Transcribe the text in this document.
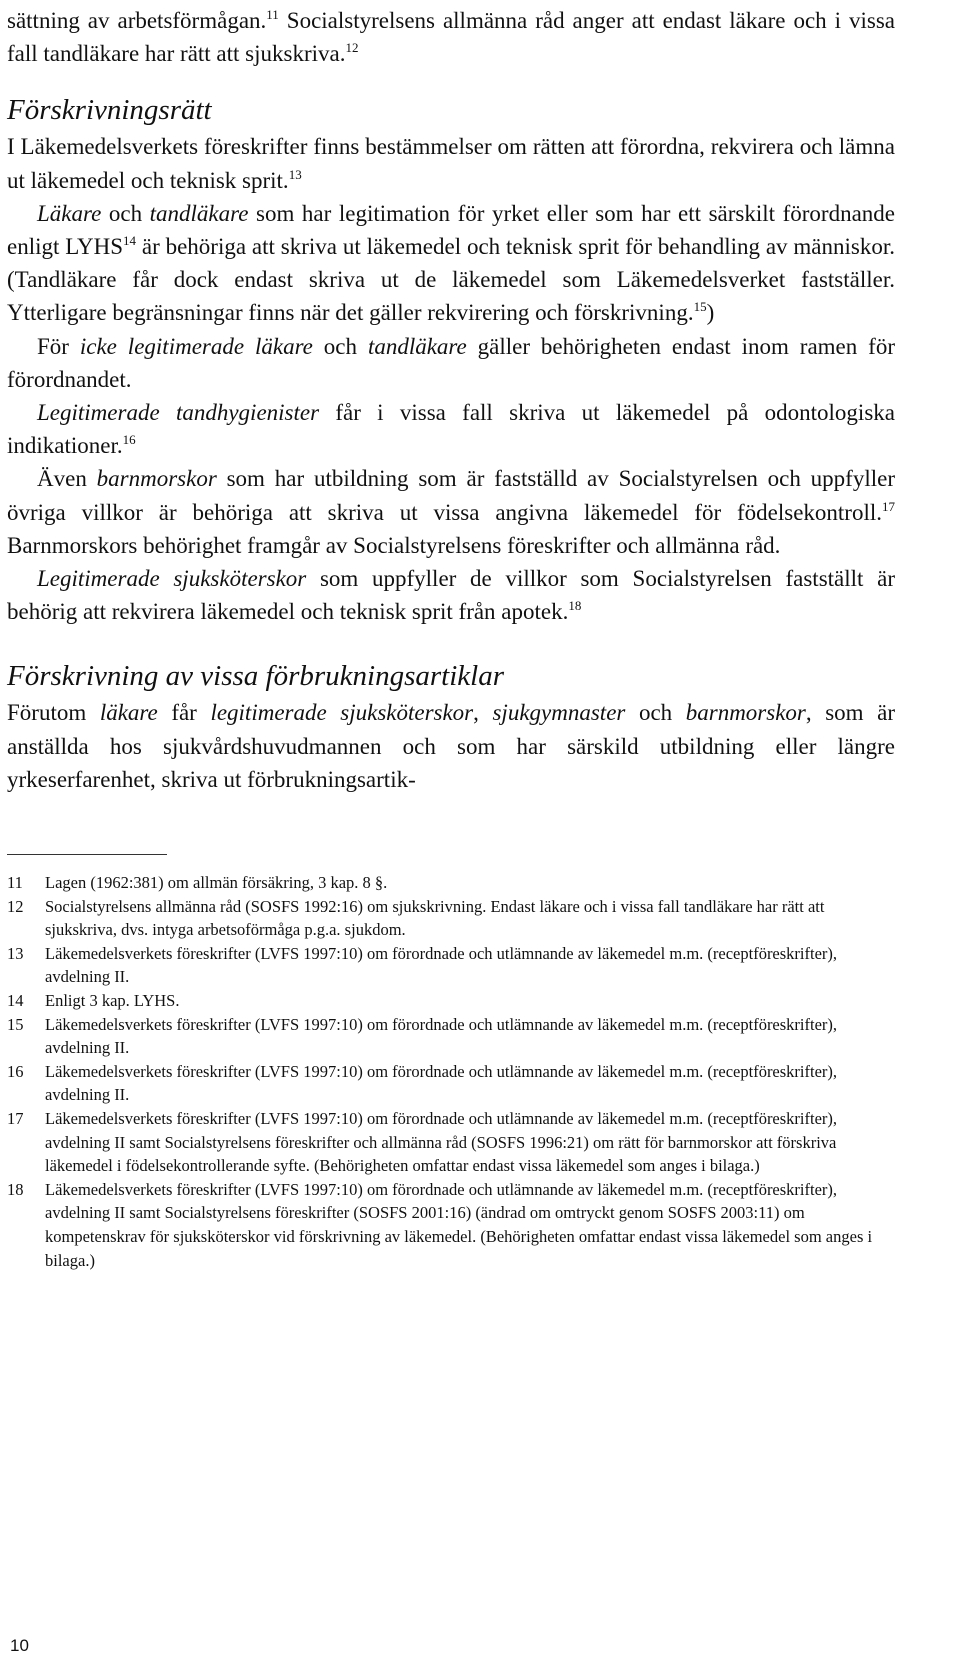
sättning av arbetsförmågan.$^{11}$ Socialstyrelsens allmänna råd anger att endast läkare och i vissa fall tandläkare har rätt att sjukskriva.$^{12}$

Förskrivningsrätt

I Läkemedelsverkets föreskrifter finns bestämmelser om rätten att förordna, rekvirera och lämna ut läkemedel och teknisk sprit.$^{13}$

Läkare och tandläkare som har legitimation för yrket eller som har ett särskilt förordnande enligt LYHS$^{14}$ är behöriga att skriva ut läkemedel och teknisk sprit för behandling av människor. (Tandläkare får dock endast skriva ut de läkemedel som Läkemedelsverket fastställer. Ytterligare begränsningar finns när det gäller rekvirering och förskrivning.$^{15}$)

För icke legitimerade läkare och tandläkare gäller behörigheten endast inom ramen för förordnandet.

Legitimerade tandhygienister får i vissa fall skriva ut läkemedel på odontologiska indikationer.$^{16}$

Även barnmorskor som har utbildning som är fastställd av Socialstyrelsen och uppfyller övriga villkor är behöriga att skriva ut vissa angivna läkemedel för födelsekontroll.$^{17}$ Barnmorskors behörighet framgår av Socialstyrelsens föreskrifter och allmänna råd.

Legitimerade sjuksköterskor som uppfyller de villkor som Socialstyrelsen fastställt är behörig att rekvirera läkemedel och teknisk sprit från apotek.$^{18}$

Förskrivning av vissa förbrukningsartiklar

Förutom läkare får legitimerade sjuksköterskor, sjukgymnaster och barnmorskor, som är anställda hos sjukvårdshuvudmannen och som har särskild utbildning eller längre yrkeserfarenhet, skriva ut förbrukningsartik-

11	Lagen (1962:381) om allmän försäkring, 3 kap. 8 §.
12	Socialstyrelsens allmänna råd (SOSFS 1992:16) om sjukskrivning. Endast läkare och i vissa fall tandläkare har rätt att sjukskriva, dvs. intyga arbetsoförmåga p.g.a. sjukdom.
13	Läkemedelsverkets föreskrifter (LVFS 1997:10) om förordnade och utlämnande av läkemedel m.m. (receptföreskrifter), avdelning II.
14	Enligt 3 kap. LYHS.
15	Läkemedelsverkets föreskrifter (LVFS 1997:10) om förordnade och utlämnande av läkemedel m.m. (receptföreskrifter), avdelning II.
16	Läkemedelsverkets föreskrifter (LVFS 1997:10) om förordnade och utlämnande av läkemedel m.m. (receptföreskrifter), avdelning II.
17	Läkemedelsverkets föreskrifter (LVFS 1997:10) om förordnade och utlämnande av läkemedel m.m. (receptföreskrifter), avdelning II samt Socialstyrelsens föreskrifter och allmänna råd (SOSFS 1996:21) om rätt för barnmorskor att förskriva läkemedel i födelsekontrollerande syfte. (Behörigheten omfattar endast vissa läkemedel som anges i bilaga.)
18	Läkemedelsverkets föreskrifter (LVFS 1997:10) om förordnade och utlämnande av läkemedel m.m. (receptföreskrifter), avdelning II samt Socialstyrelsens föreskrifter (SOSFS 2001:16) (ändrad om omtryckt genom SOSFS 2003:11) om kompetenskrav för sjuksköterskor vid förskrivning av läkemedel. (Behörigheten omfattar endast vissa läkemedel som anges i bilaga.)
10
